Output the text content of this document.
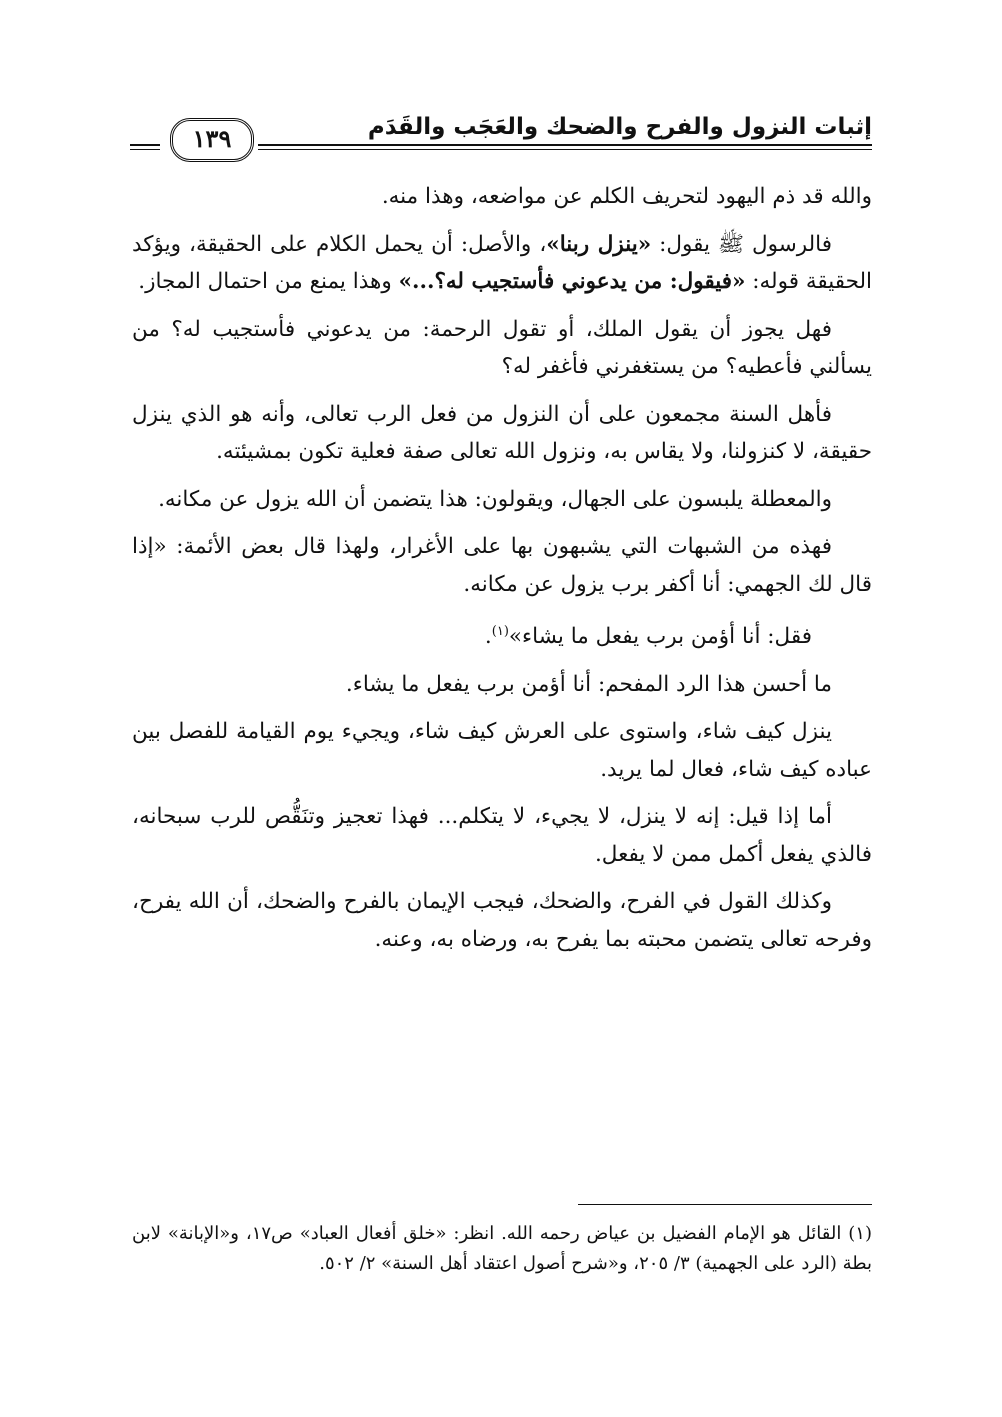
إثبات النزول والفرح والضحك والعَجَب والقَدَم
١٣٩

والله قد ذم اليهود لتحريف الكلم عن مواضعه، وهذا منه.

فالرسول ﷺ يقول: «ينزل ربنا»، والأصل: أن يحمل الكلام على الحقيقة، ويؤكد الحقيقة قوله: «فيقول: من يدعوني فأستجيب له؟...» وهذا يمنع من احتمال المجاز.

فهل يجوز أن يقول الملك، أو تقول الرحمة: من يدعوني فأستجيب له؟ من يسألني فأعطيه؟ من يستغفرني فأغفر له؟

فأهل السنة مجمعون على أن النزول من فعل الرب تعالى، وأنه هو الذي ينزل حقيقة، لا كنزولنا، ولا يقاس به، ونزول الله تعالى صفة فعلية تكون بمشيئته.

والمعطلة يلبسون على الجهال، ويقولون: هذا يتضمن أن الله يزول عن مكانه.

فهذه من الشبهات التي يشبهون بها على الأغرار، ولهذا قال بعض الأئمة: «إذا قال لك الجهمي: أنا أكفر برب يزول عن مكانه.

فقل: أنا أؤمن برب يفعل ما يشاء»$^{(١)}$.

ما أحسن هذا الرد المفحم: أنا أؤمن برب يفعل ما يشاء.

ينزل كيف شاء، واستوى على العرش كيف شاء، ويجيء يوم القيامة للفصل بين عباده كيف شاء، فعال لما يريد.

أما إذا قيل: إنه لا ينزل، لا يجيء، لا يتكلم... فهذا تعجيز وتنَقُّص للرب سبحانه، فالذي يفعل أكمل ممن لا يفعل.

وكذلك القول في الفرح، والضحك، فيجب الإيمان بالفرح والضحك، أن الله يفرح، وفرحه تعالى يتضمن محبته بما يفرح به، ورضاه به، وعنه.

(١) القائل هو الإمام الفضيل بن عياض رحمه الله. انظر: «خلق أفعال العباد» ص١٧، و«الإبانة» لابن بطة (الرد على الجهمية) ٣/ ٢٠٥، و«شرح أصول اعتقاد أهل السنة» ٢/ ٥٠٢.
